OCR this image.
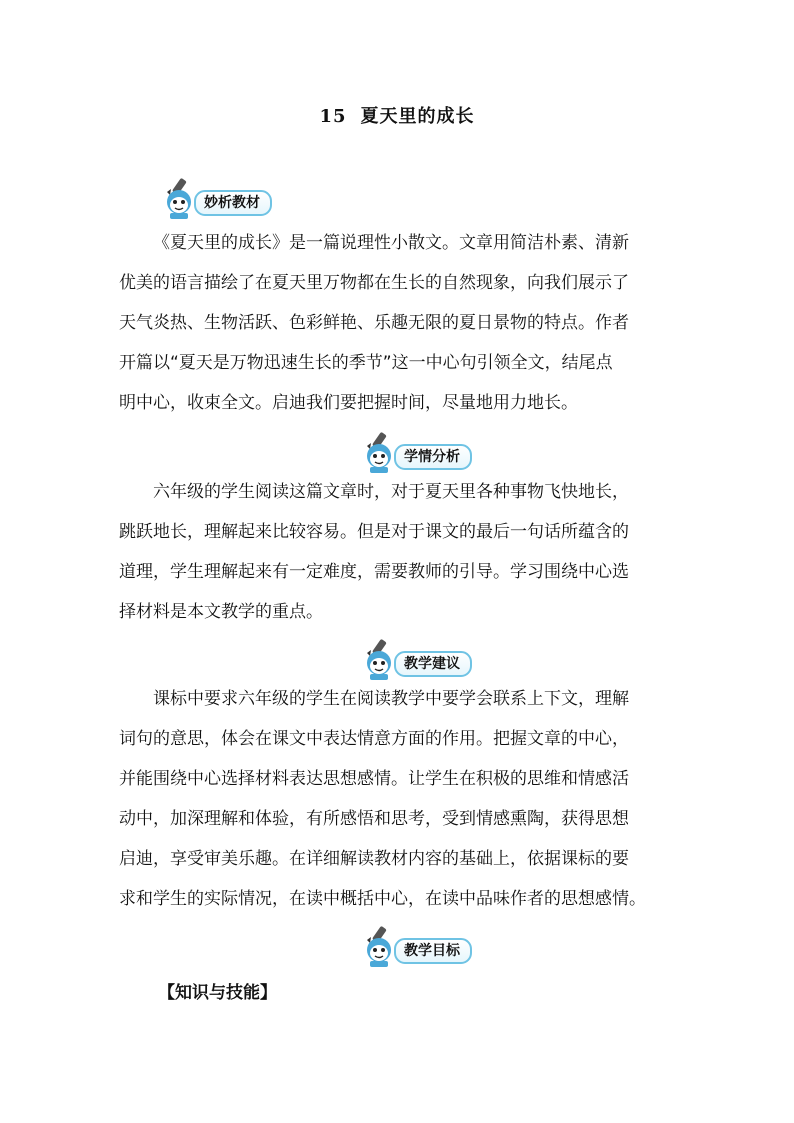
15 夏天里的成长
妙析教材
《夏天里的成长》是一篇说理性小散文。文章用简洁朴素、清新
优美的语言描绘了在夏天里万物都在生长的自然现象，向我们展示了
天气炎热、生物活跃、色彩鲜艳、乐趣无限的夏日景物的特点。作者
开篇以“夏天是万物迅速生长的季节”这一中心句引领全文，结尾点
明中心，收束全文。启迪我们要把握时间，尽量地用力地长。
学情分析
六年级的学生阅读这篇文章时，对于夏天里各种事物飞快地长，
跳跃地长，理解起来比较容易。但是对于课文的最后一句话所蕴含的
道理，学生理解起来有一定难度，需要教师的引导。学习围绕中心选
择材料是本文教学的重点。
教学建议
课标中要求六年级的学生在阅读教学中要学会联系上下文，理解
词句的意思，体会在课文中表达情意方面的作用。把握文章的中心，
并能围绕中心选择材料表达思想感情。让学生在积极的思维和情感活
动中，加深理解和体验，有所感悟和思考，受到情感熏陶，获得思想
启迪，享受审美乐趣。在详细解读教材内容的基础上，依据课标的要
求和学生的实际情况，在读中概括中心，在读中品味作者的思想感情。
教学目标
【知识与技能】
